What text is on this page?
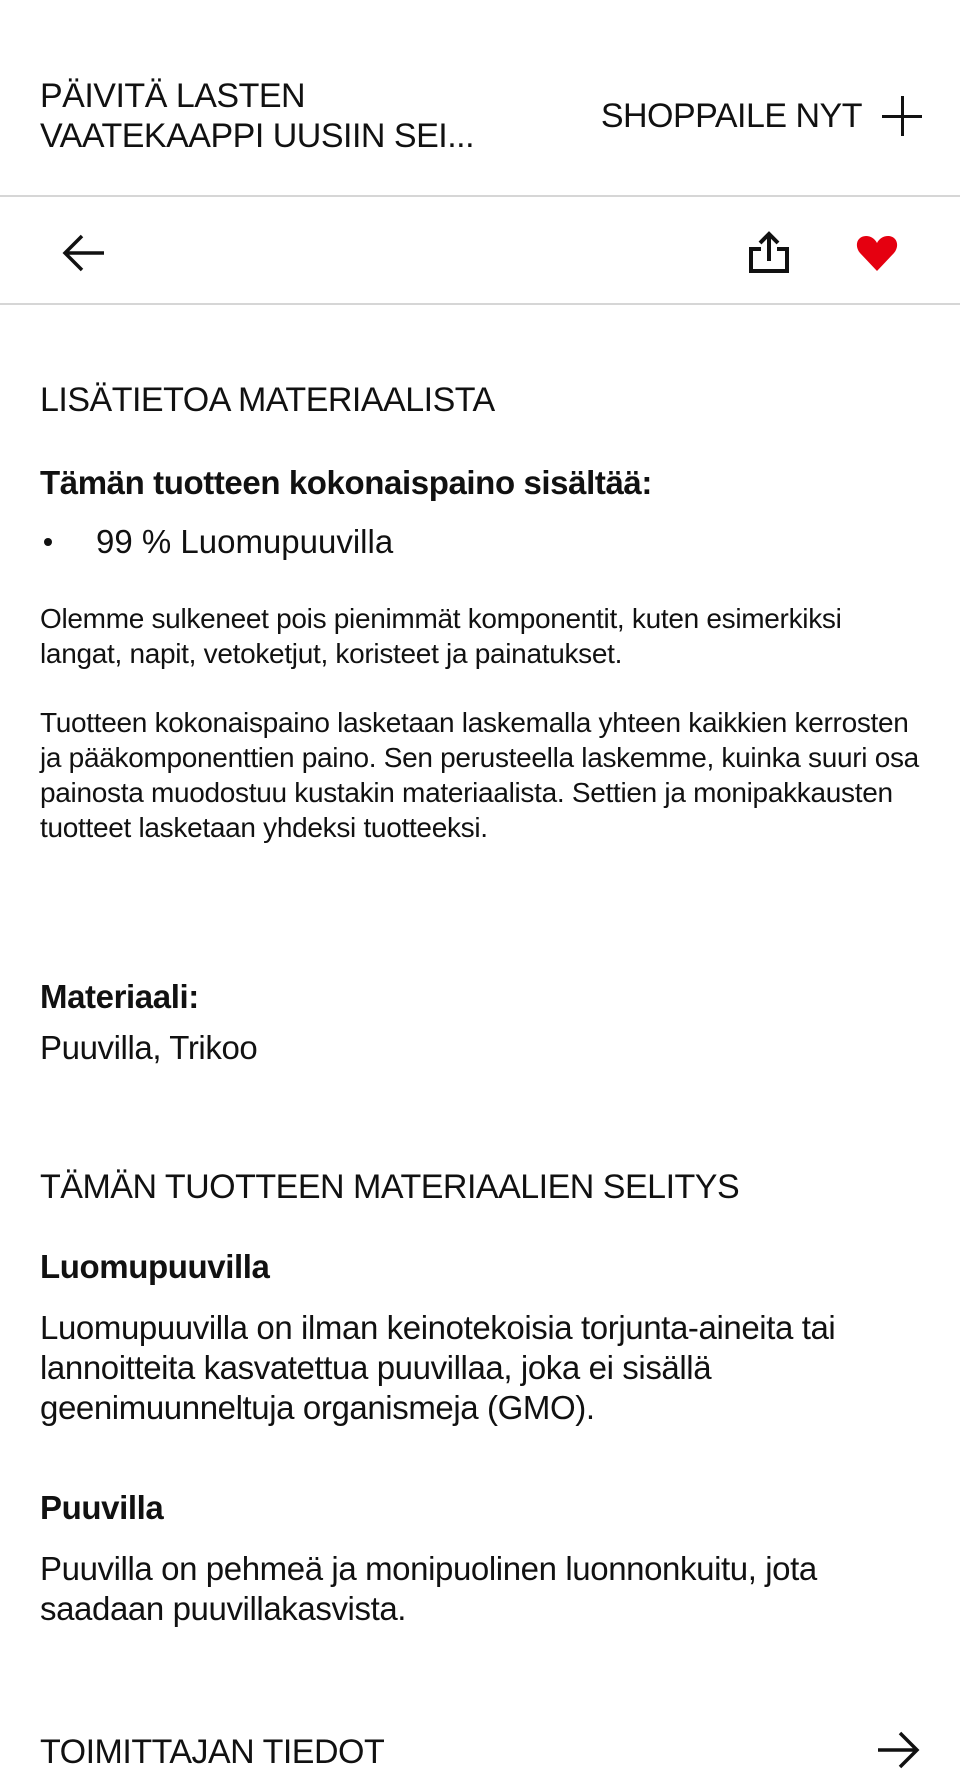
PÄIVITÄ LASTEN VAATEKAAPPI UUSIIN SEI...
SHOPPAILE NYT
LISÄTIETOA MATERIAALISTA
Tämän tuotteen kokonaispaino sisältää:
99 % Luomupuuvilla
Olemme sulkeneet pois pienimmät komponentit, kuten esimerkiksi langat, napit, vetoketjut, koristeet ja painatukset.
Tuotteen kokonaispaino lasketaan laskemalla yhteen kaikkien kerrosten ja pääkomponenttien paino. Sen perusteella laskemme, kuinka suuri osa painosta muodostuu kustakin materiaalista. Settien ja monipakkausten tuotteet lasketaan yhdeksi tuotteeksi.
Materiaali:
Puuvilla, Trikoo
TÄMÄN TUOTTEEN MATERIAALIEN SELITYS
Luomupuuvilla
Luomupuuvilla on ilman keinotekoisia torjunta-aineita tai lannoitteita kasvatettua puuvillaa, joka ei sisällä geenimuunneltuja organismeja (GMO).
Puuvilla
Puuvilla on pehmeä ja monipuolinen luonnonkuitu, jota saadaan puuvillakasvista.
TOIMITTAJAN TIEDOT
